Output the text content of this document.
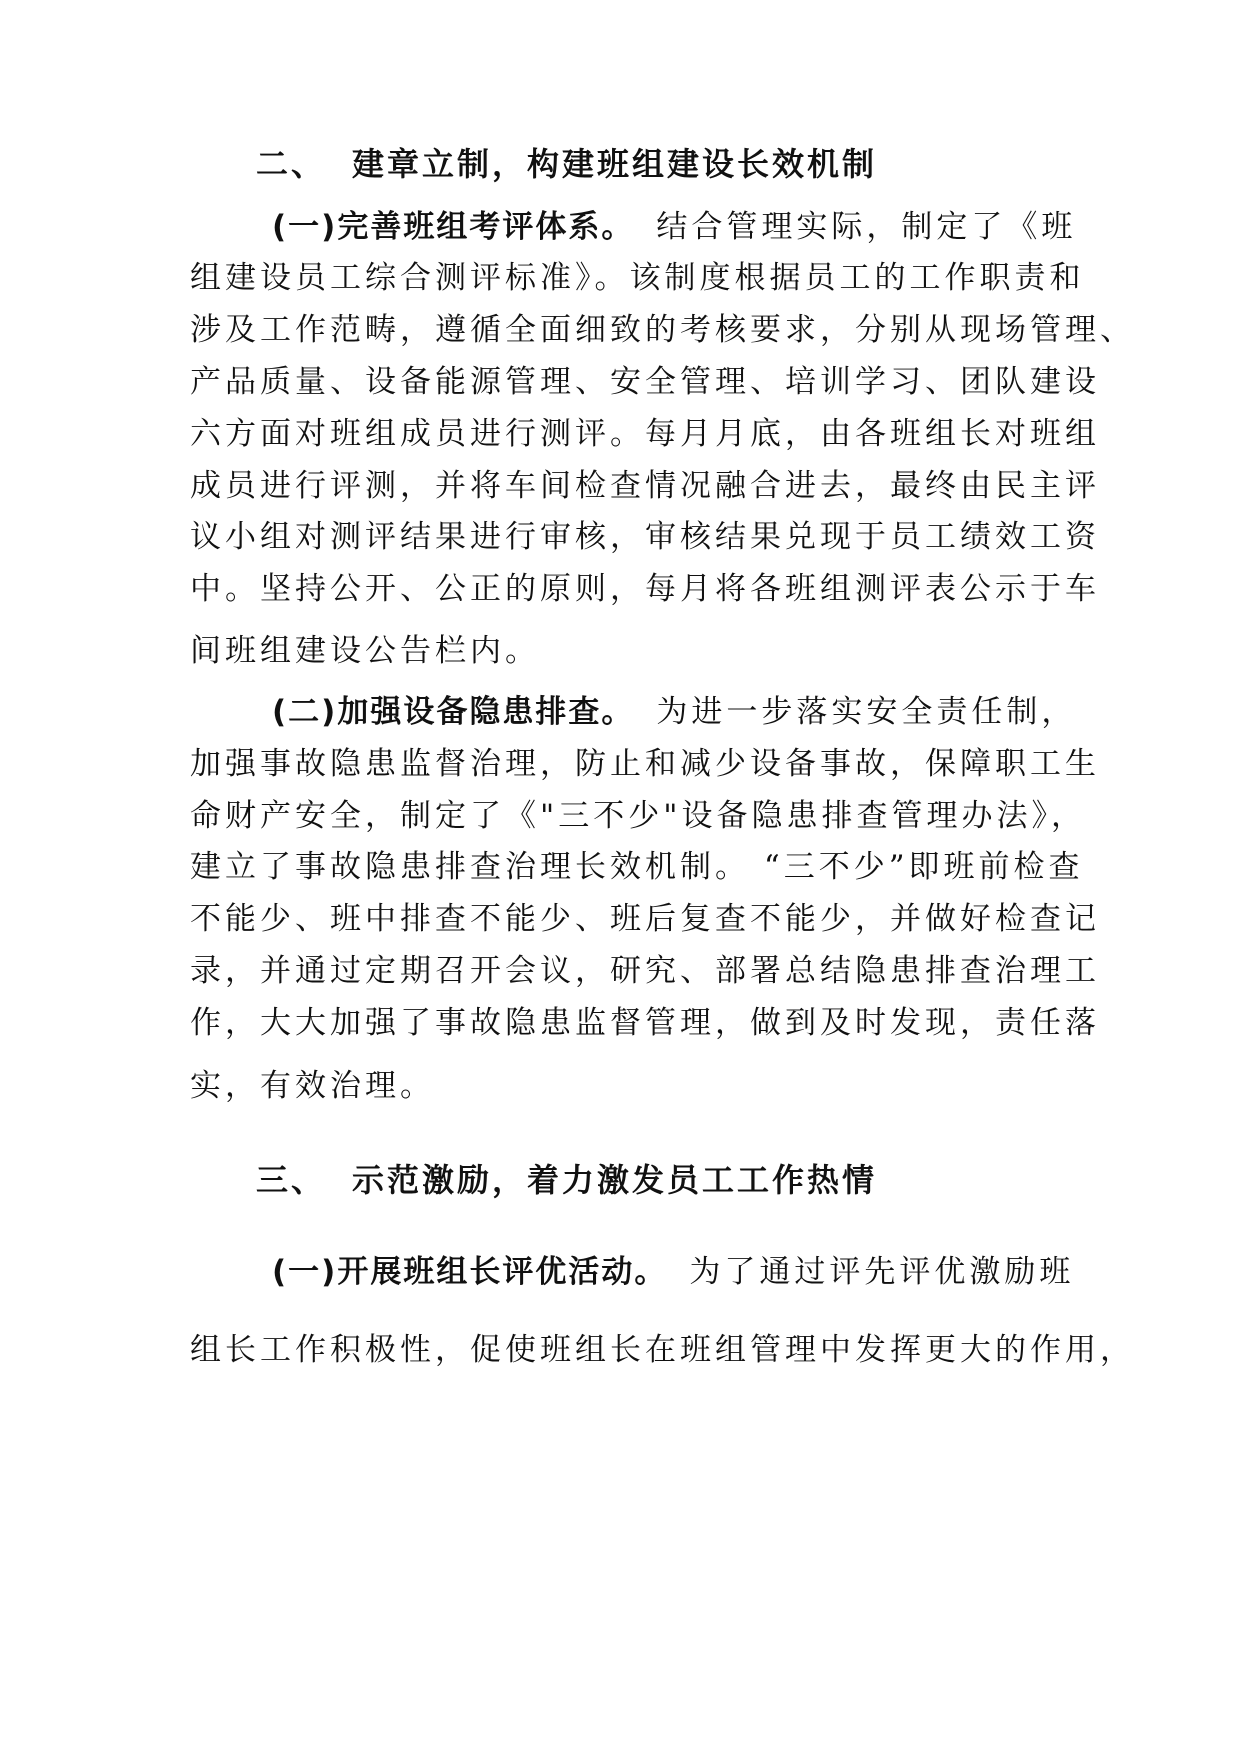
二、 建章立制，构建班组建设长效机制
(一)完善班组考评体系。 结合管理实际，制定了《班
组建设员工综合测评标准》。该制度根据员工的工作职责和
涉及工作范畴，遵循全面细致的考核要求，分别从现场管理、
产品质量、设备能源管理、安全管理、培训学习、团队建设
六方面对班组成员进行测评。每月月底，由各班组长对班组
成员进行评测，并将车间检查情况融合进去，最终由民主评
议小组对测评结果进行审核，审核结果兑现于员工绩效工资
中。坚持公开、公正的原则，每月将各班组测评表公示于车
间班组建设公告栏内。
(二)加强设备隐患排查。 为进一步落实安全责任制，
加强事故隐患监督治理，防止和减少设备事故，保障职工生
命财产安全，制定了《"三不少"设备隐患排查管理办法》，
建立了事故隐患排查治理长效机制。 “三不少”即班前检查
不能少、班中排查不能少、班后复查不能少，并做好检查记
录，并通过定期召开会议，研究、部署总结隐患排查治理工
作，大大加强了事故隐患监督管理，做到及时发现，责任落
实，有效治理。
三、 示范激励，着力激发员工工作热情
(一)开展班组长评优活动。 为了通过评先评优激励班
组长工作积极性，促使班组长在班组管理中发挥更大的作用，
